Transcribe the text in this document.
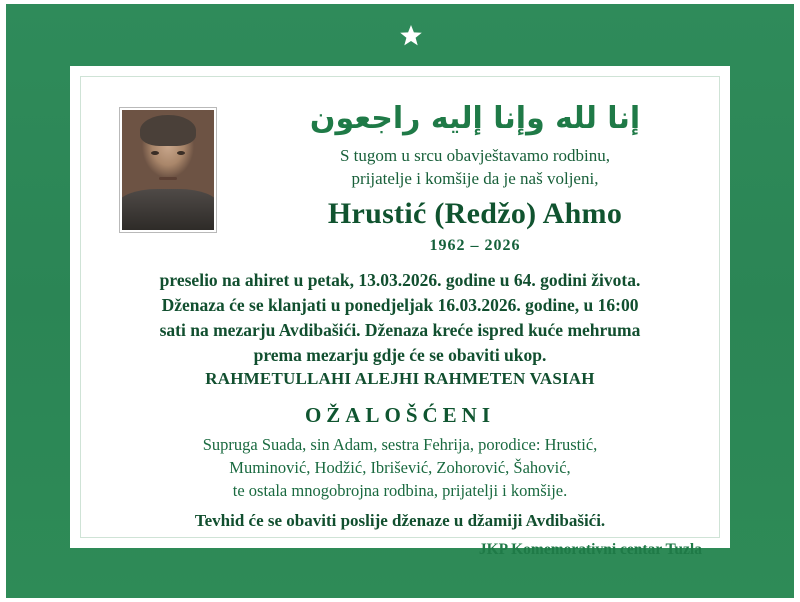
إنا لله وإنا إليه راجعون
S tugom u srcu obavještavamo rodbinu,
prijatelje i komšije da je naš voljeni,
Hrustić (Redžo) Ahmo
1962 – 2026
preselio na ahiret u petak, 13.03.2026. godine u 64. godini života.
Dženaza će se klanjati u ponedjeljak 16.03.2026. godine, u 16:00
sati na mezarju Avdibašići. Dženaza kreće ispred kuće mehruma
prema mezarju gdje će se obaviti ukop.
RAHMETULLAHI ALEJHI RAHMETEN VASIAH
OŽALOŠĆENI
Supruga Suada, sin Adam, sestra Fehrija, porodice: Hrustić,
Muminović, Hodžić, Ibrišević, Zohorović, Šahović,
te ostala mnogobrojna rodbina, prijatelji i komšije.
Tevhid će se obaviti poslije dženaze u džamiji Avdibašići.
JKP Komemorativni centar Tuzla
